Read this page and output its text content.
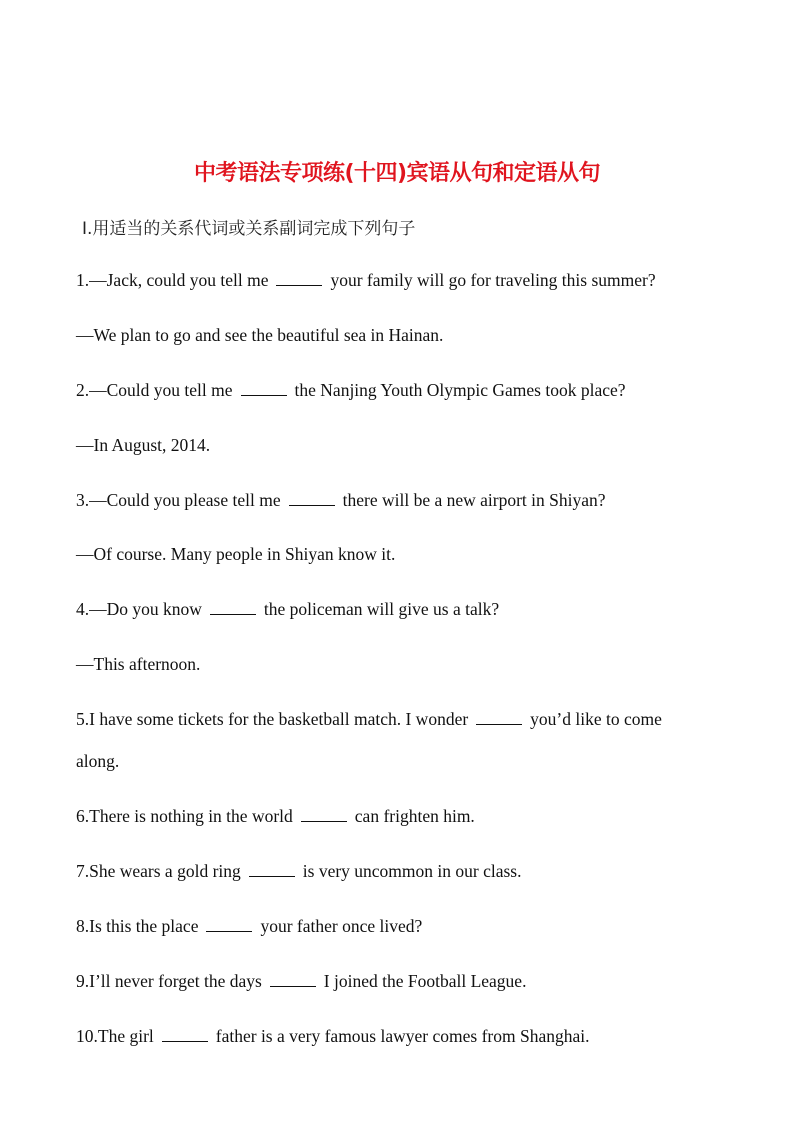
中考语法专项练(十四)宾语从句和定语从句
Ⅰ.用适当的关系代词或关系副词完成下列句子
1.—Jack, could you tell me	your family will go for traveling this summer?
—We plan to go and see the beautiful sea in Hainan.
2.—Could you tell me	the Nanjing Youth Olympic Games took place?
—In August, 2014.
3.—Could you please tell me	there will be a new airport in Shiyan?
—Of course. Many people in Shiyan know it.
4.—Do you know	the policeman will give us a talk?
—This afternoon.
5.I have some tickets for the basketball match. I wonder	you’d like to come
along.
6.There is nothing in the world	can frighten him.
7.She wears a gold ring	is very uncommon in our class.
8.Is this the place	your father once lived?
9.I’ll never forget the days	I joined the Football League.
10.The girl	father is a very famous lawyer comes from Shanghai.
